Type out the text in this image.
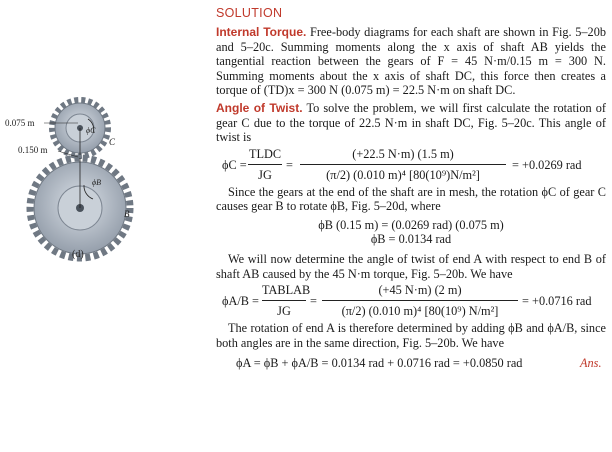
0.075 m
0.150 m
ϕC
C
ϕB
B
(d)
SOLUTION

Internal Torque. Free-body diagrams for each shaft are shown in Fig. 5–20b and 5–20c. Summing moments along the x axis of shaft AB yields the tangential reaction between the gears of F = 45 N·m/0.15 m = 300 N. Summing moments about the x axis of shaft DC, this force then creates a torque of (TD)x = 300 N (0.075 m) = 22.5 N·m on shaft DC.

Angle of Twist. To solve the problem, we will first calculate the rotation of gear C due to the torque of 22.5 N·m in shaft DC, Fig. 5–20c. This angle of twist is

ϕC =
TLDC
JG
= $\frac{(+22.5 N\cdot m) (1.5 m)}{\text{(π/2) (0.010 m)⁴ [80(10⁹)N/m²]}} = +0.0269$ rad

Since the gears at the end of the shaft are in mesh, the rotation ϕC of gear C causes gear B to rotate ϕB, Fig. 5–20d, where

ϕB (0.15 m) = (0.0269 rad) (0.075 m)
ϕB = 0.0134 rad

We will now determine the angle of twist of end A with respect to end B of shaft AB caused by the 45 N·m torque, Fig. 5–20b. We have

ϕA/B =
TABLAB
JG
= $\frac{(+45 N\cdot m) (2 m)}{\text{(π/2) (0.010 m)⁴ [80(10⁹) N/m²]}} = +0.0716$ rad

The rotation of end A is therefore determined by adding ϕB and ϕA/B, since both angles are in the same direction, Fig. 5–20b. We have

ϕA = ϕB + ϕA/B = 0.0134 rad + 0.0716 rad = +0.0850 rad	Ans.
